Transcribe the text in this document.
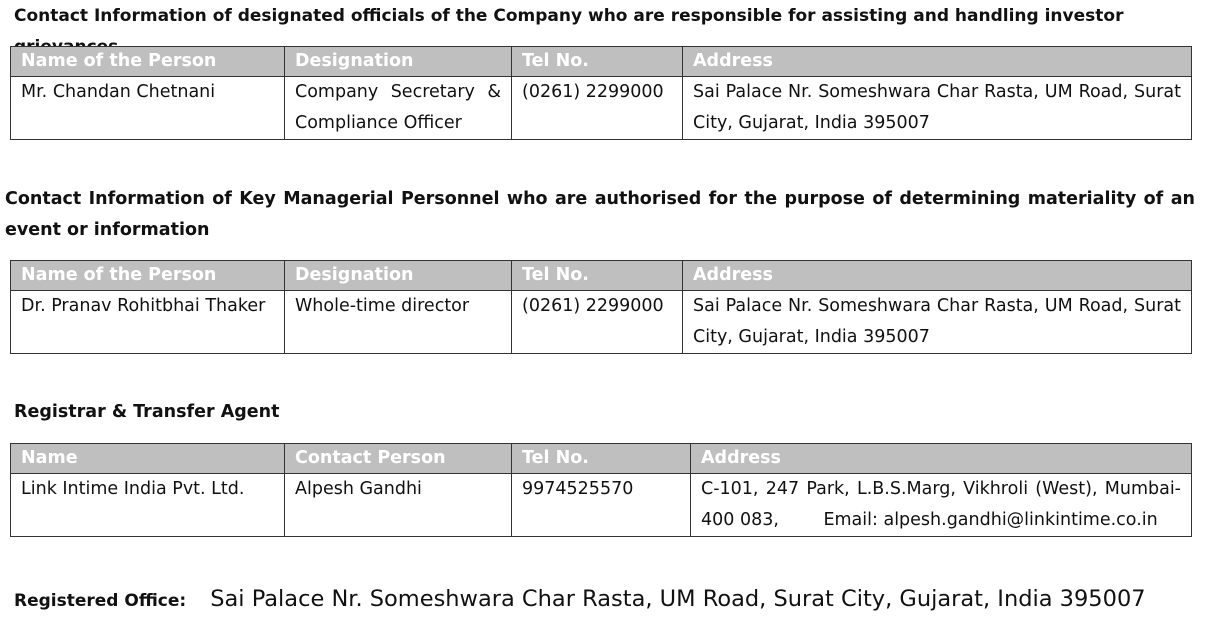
Contact Information of designated officials of the Company who are responsible for assisting and handling investor
Name of the Person	Designation	Tel No.	Address
Mr. Chandan Chetnani	Company Secretary & Compliance Officer	(0261) 2299000	Sai Palace Nr. Someshwara Char Rasta, UM Road, Surat City, Gujarat, India 395007
Contact Information of Key Managerial Personnel who are authorised for the purpose of determining materiality of an event or information
Name of the Person	Designation	Tel No.	Address
Dr. Pranav Rohitbhai Thaker	Whole-time director	(0261) 2299000	Sai Palace Nr. Someshwara Char Rasta, UM Road, Surat City, Gujarat, India 395007
Registrar & Transfer Agent
Name	Contact Person	Tel No.	Address
Link Intime India Pvt. Ltd.	Alpesh Gandhi	9974525570	C-101, 247 Park, L.B.S.Marg, Vikhroli (West), Mumbai-400 083, Email: alpesh.gandhi@linkintime.co.in
Registered Office: Sai Palace Nr. Someshwara Char Rasta, UM Road, Surat City, Gujarat, India 395007
